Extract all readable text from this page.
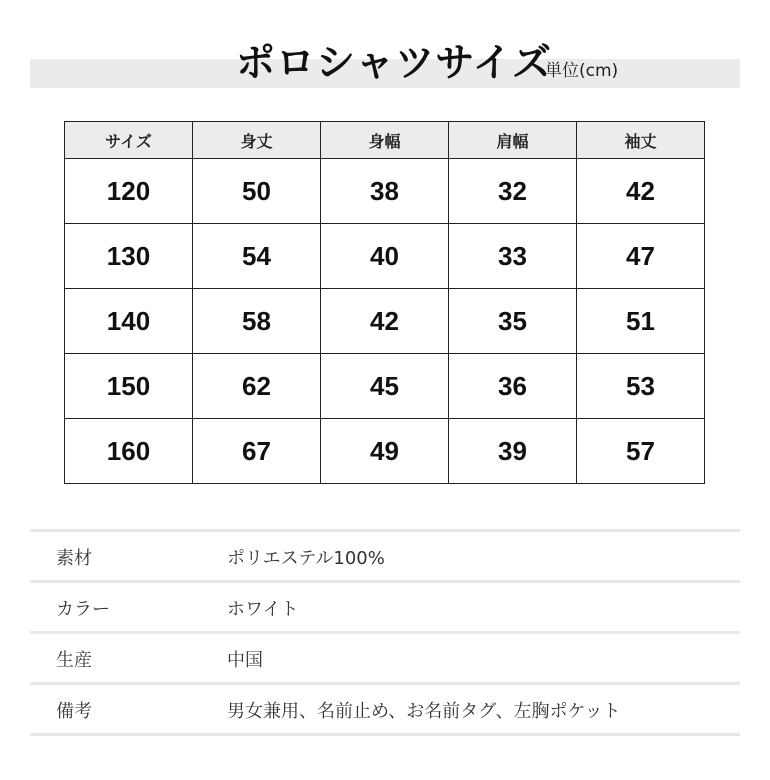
ポロシャツサイズ
単位(cm)
サイズ	身丈	身幅	肩幅	袖丈
120	50	38	32	42
130	54	40	33	47
140	58	42	35	51
150	62	45	36	53
160	67	49	39	57
素材	ポリエステル100%
カラー	ホワイト
生産	中国
備考	男女兼用、名前止め、お名前タグ、左胸ポケット
